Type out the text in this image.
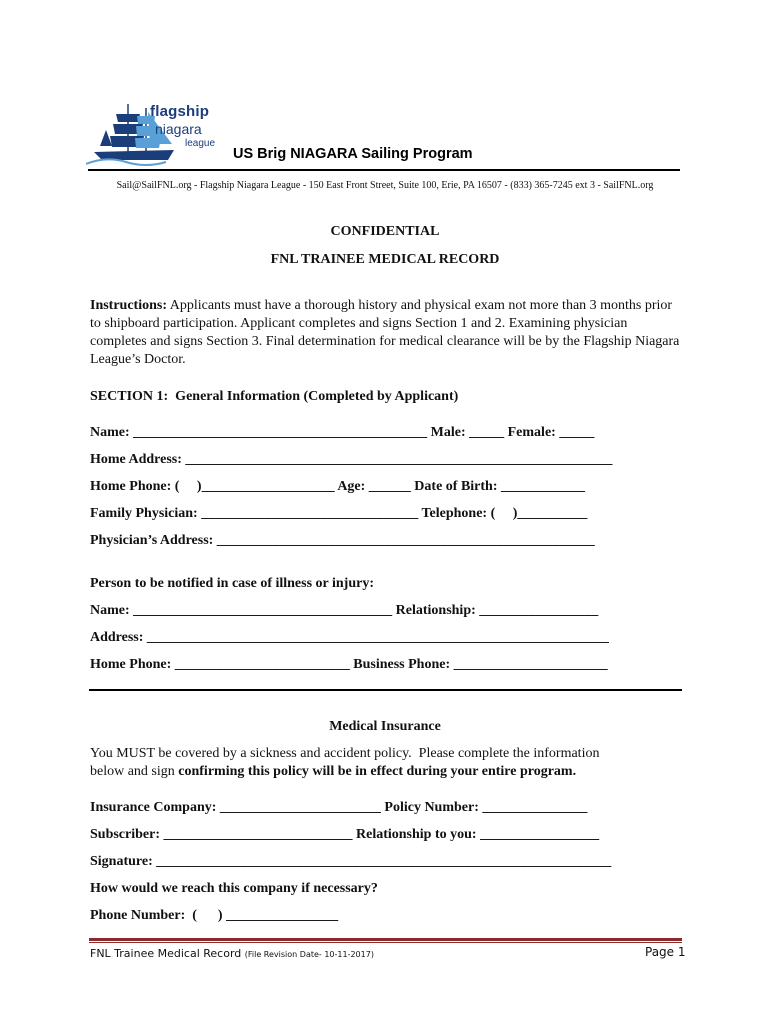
flagship
niagara
league
US Brig NIAGARA Sailing Program
Sail@SailFNL.org - Flagship Niagara League - 150 East Front Street, Suite 100, Erie, PA 16507 - (833) 365-7245 ext 3 - SailFNL.org
CONFIDENTIAL
FNL TRAINEE MEDICAL RECORD
Instructions: Applicants must have a thorough history and physical exam not more than 3 months prior to shipboard participation. Applicant completes and signs Section 1 and 2. Examining physician completes and signs Section 3. Final determination for medical clearance will be by the Flagship Niagara League’s Doctor.
SECTION 1:  General Information (Completed by Applicant)
Name: __________________________________________ Male: _____ Female: _____
Home Address: _____________________________________________________________
Home Phone: (     )___________________ Age: ______ Date of Birth: ____________
Family Physician: _______________________________ Telephone: (     )__________
Physician’s Address: ______________________________________________________
Person to be notified in case of illness or injury:
Name: _____________________________________ Relationship: _________________
Address: __________________________________________________________________
Home Phone: _________________________ Business Phone: ______________________
Medical Insurance
You MUST be covered by a sickness and accident policy.  Please complete the information
below and sign confirming this policy will be in effect during your entire program.
Insurance Company: _______________________ Policy Number: _______________
Subscriber: ___________________________ Relationship to you: _________________
Signature: _________________________________________________________________
How would we reach this company if necessary?
Phone Number:  (      ) ________________
FNL Trainee Medical Record (File Revision Date- 10-11-2017)	Page 1
